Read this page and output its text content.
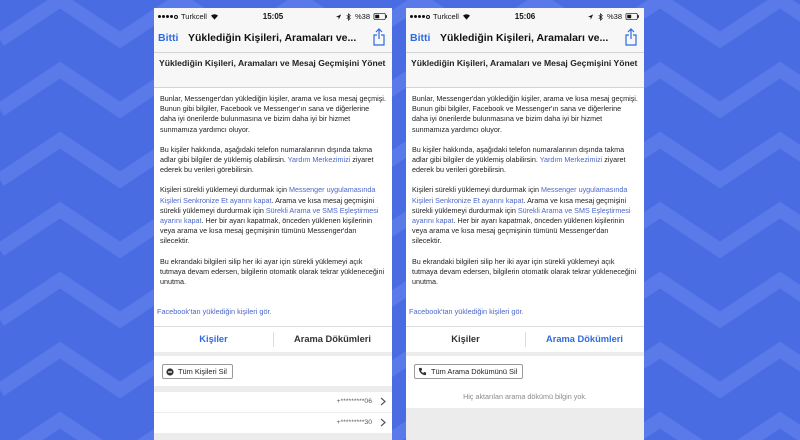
Turkcell	15:05	%38
Bitti Yüklediğin Kişileri, Aramaları ve...
Yüklediğin Kişileri, Aramaları ve Mesaj Geçmişini Yönet

Bunlar, Messenger'dan yüklediğin kişiler, arama ve kısa mesaj geçmişi. Bunun gibi bilgiler, Facebook ve Messenger'ın sana ve diğerlerine daha iyi önerilerde bulunmasına ve bizim daha iyi bir hizmet sunmamıza yardımcı oluyor.

Bu kişiler hakkında, aşağıdaki telefon numaralarının dışında takma adlar gibi bilgiler de yüklemiş olabilirsin. Yardım Merkezimizi ziyaret ederek bu verileri görebilirsin.

Kişileri sürekli yüklemeyi durdurmak için Messenger uygulamasında Kişileri Senkronize Et ayarını kapat. Arama ve kısa mesaj geçmişini sürekli yüklemeyi durdurmak için Sürekli Arama ve SMS Eşleştirmesi ayarını kapat. Her bir ayarı kapatmak, önceden yüklenen kişilerinin veya arama ve kısa mesaj geçmişinin tümünü Messenger'dan silecektir.

Bu ekrandaki bilgileri silip her iki ayar için sürekli yüklemeyi açık tutmaya devam edersen, bilgilerin otomatik olarak tekrar yükleneceğini unutma.

Facebook'tan yüklediğin kişileri gör.
Kişiler	Arama Dökümleri
Tüm Kişileri Sil
+*********06
+*********30
Turkcell	15:06	%38
Bitti Yüklediğin Kişileri, Aramaları ve...
Yüklediğin Kişileri, Aramaları ve Mesaj Geçmişini Yönet

Bunlar, Messenger'dan yüklediğin kişiler, arama ve kısa mesaj geçmişi. Bunun gibi bilgiler, Facebook ve Messenger'ın sana ve diğerlerine daha iyi önerilerde bulunmasına ve bizim daha iyi bir hizmet sunmamıza yardımcı oluyor.

Bu kişiler hakkında, aşağıdaki telefon numaralarının dışında takma adlar gibi bilgiler de yüklemiş olabilirsin. Yardım Merkezimizi ziyaret ederek bu verileri görebilirsin.

Kişileri sürekli yüklemeyi durdurmak için Messenger uygulamasında Kişileri Senkronize Et ayarını kapat. Arama ve kısa mesaj geçmişini sürekli yüklemeyi durdurmak için Sürekli Arama ve SMS Eşleştirmesi ayarını kapat. Her bir ayarı kapatmak, önceden yüklenen kişilerinin veya arama ve kısa mesaj geçmişinin tümünü Messenger'dan silecektir.

Bu ekrandaki bilgileri silip her iki ayar için sürekli yüklemeyi açık tutmaya devam edersen, bilgilerin otomatik olarak tekrar yükleneceğini unutma.

Facebook'tan yüklediğin kişileri gör.
Kişiler	Arama Dökümleri
Tüm Arama Dökümünü Sil
Hiç aktarılan arama dökümü bilgin yok.
